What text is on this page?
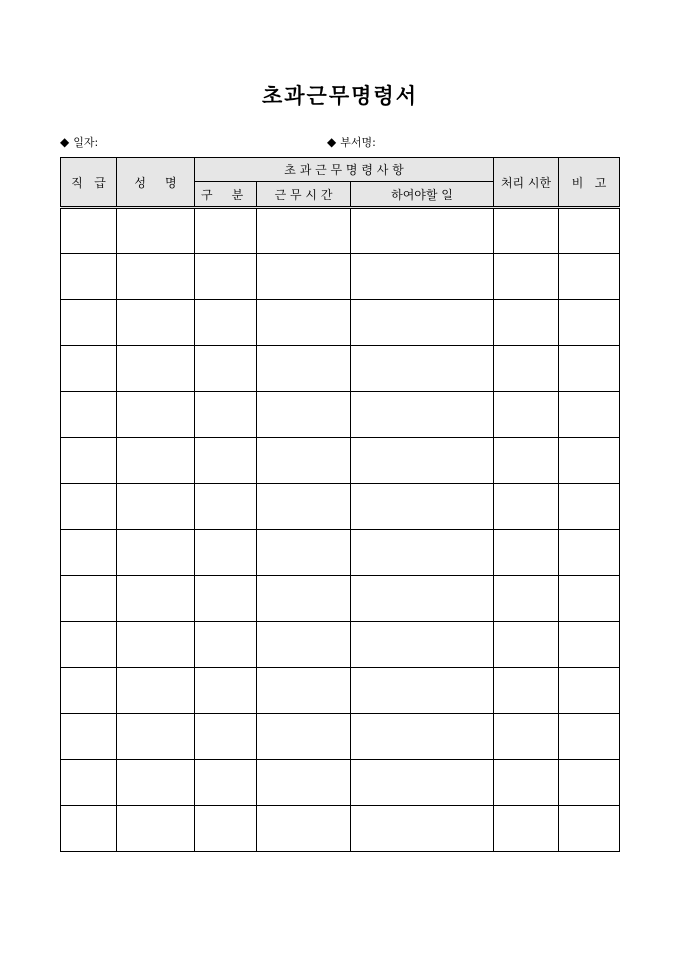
초과근무명령서
◆ 일자:	◆ 부서명:
직   급	성     명	초 과 근 무 명 령 사 항			처리 시한	비   고

		구     분	근 무 시 간	하여야할 일		
